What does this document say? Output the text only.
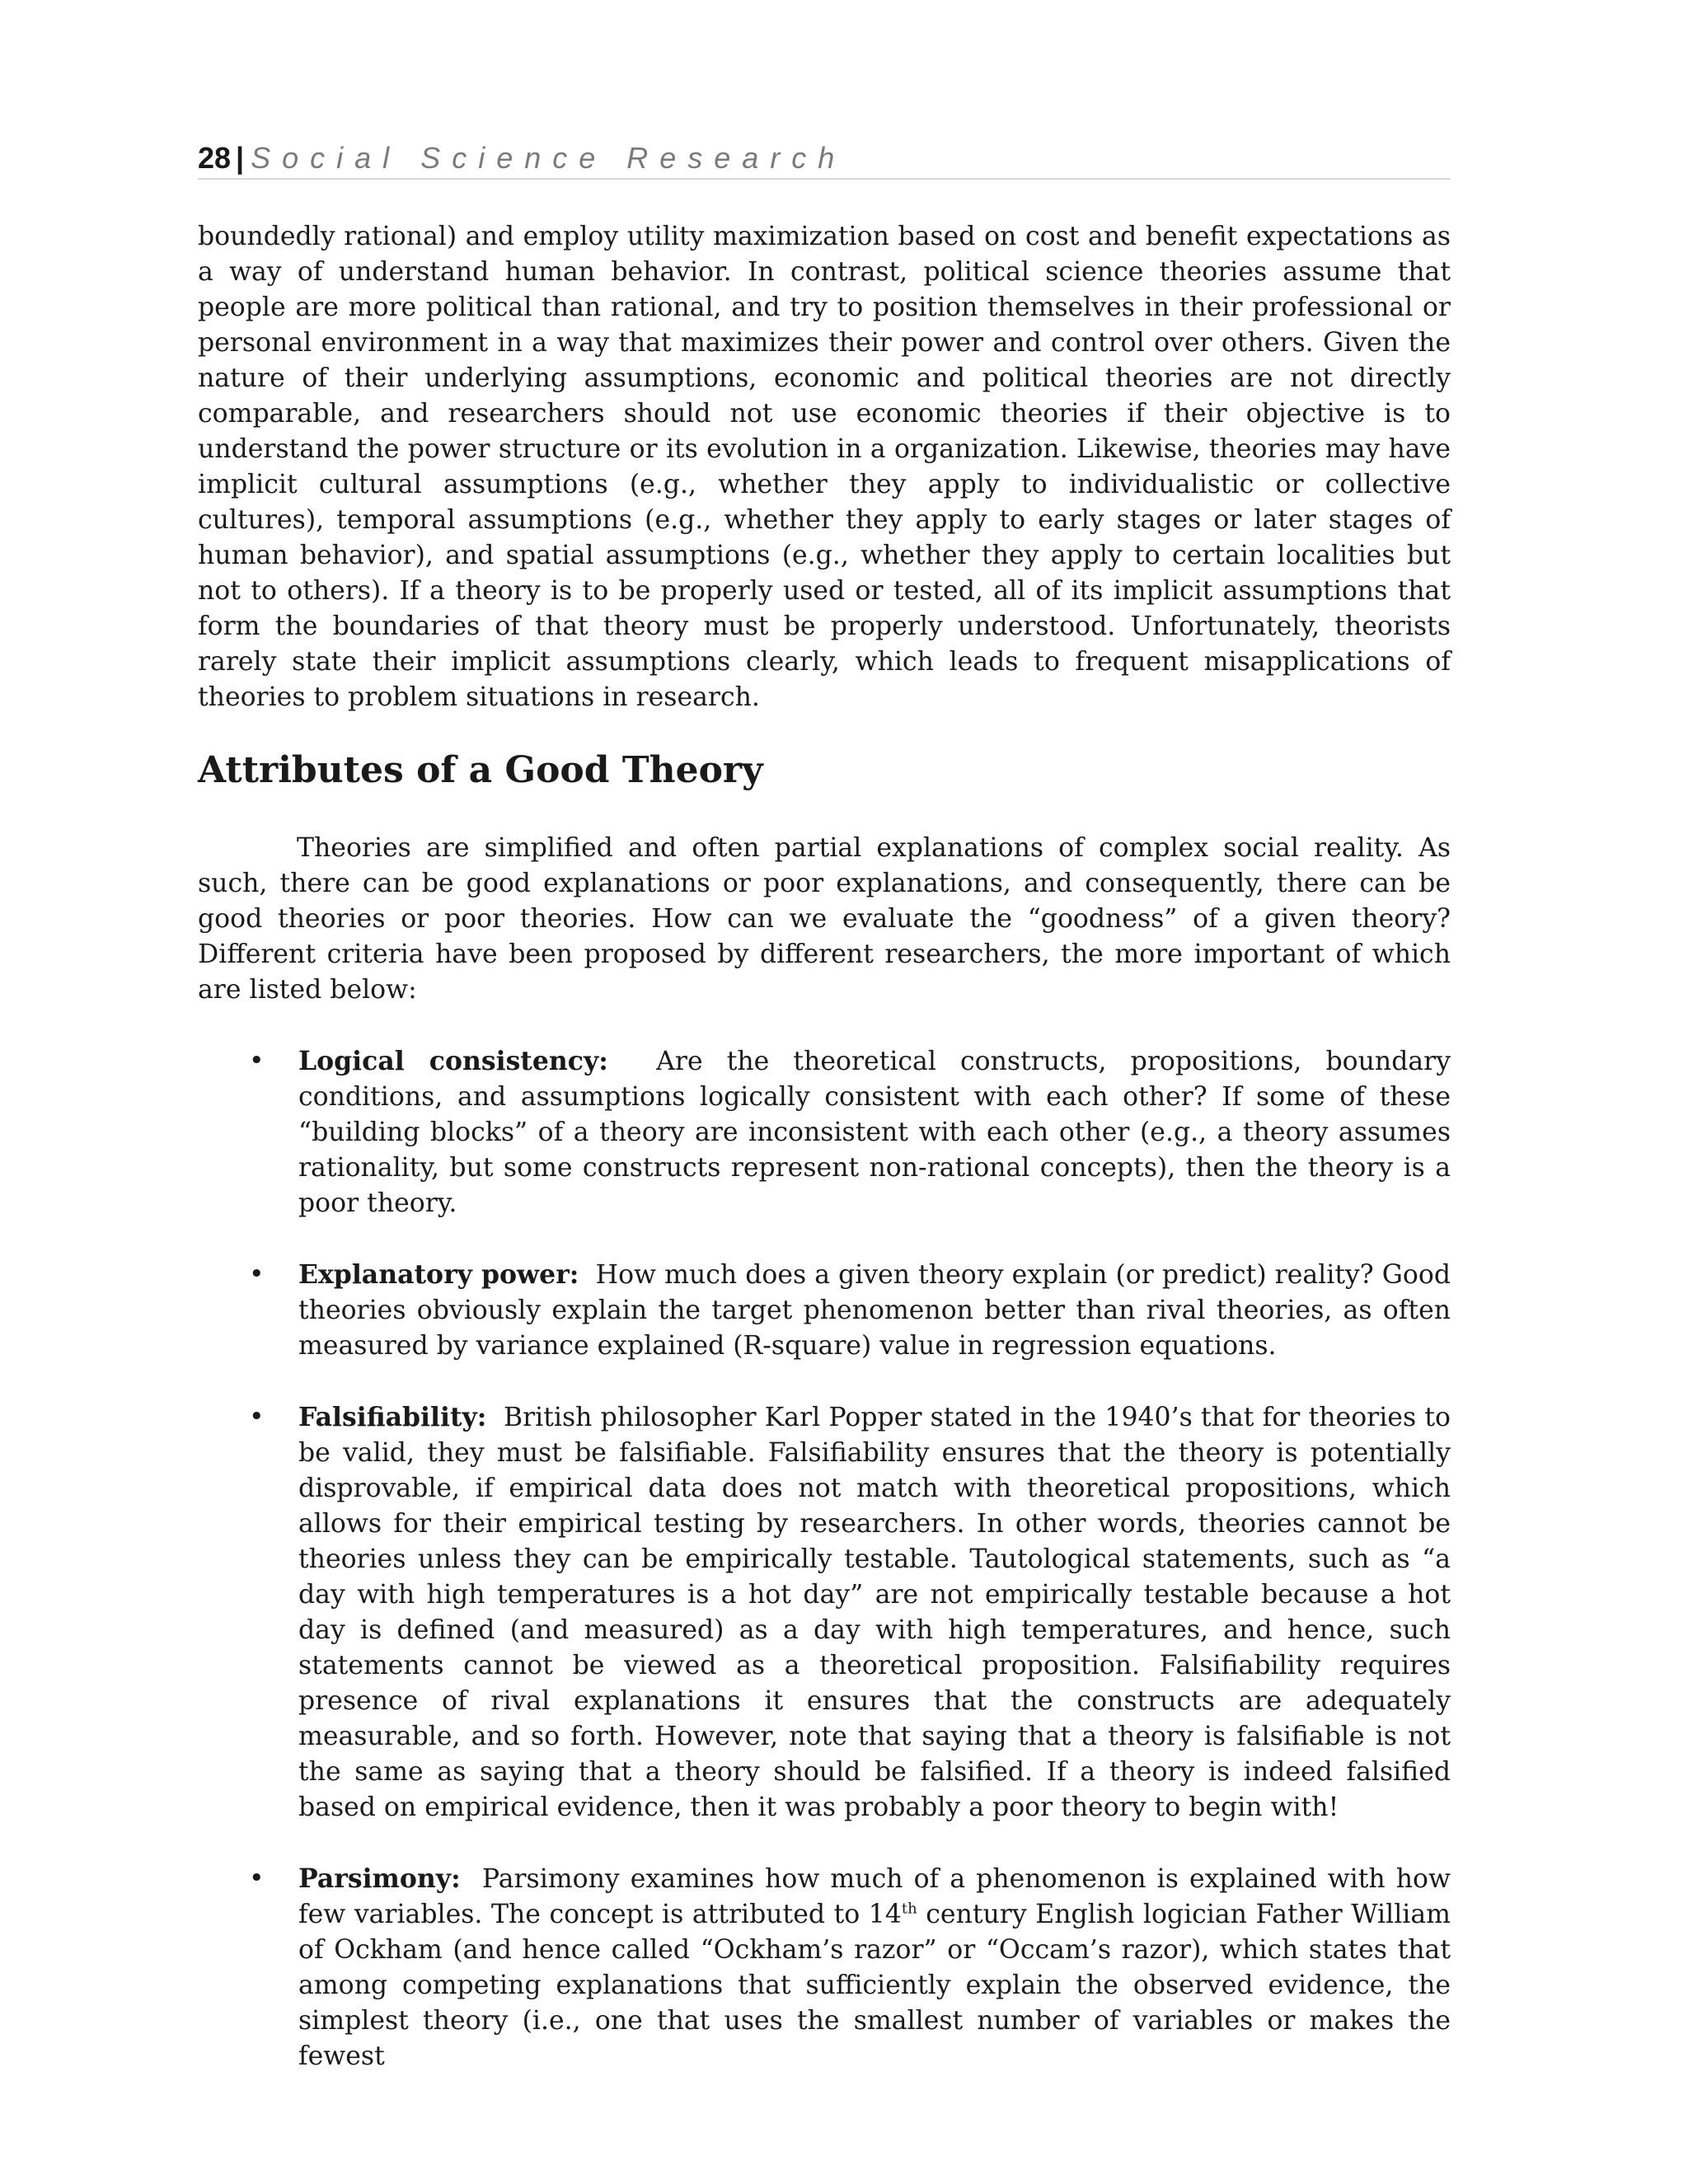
28 | Social Science Research

boundedly rational) and employ utility maximization based on cost and benefit expectations as a way of understand human behavior. In contrast, political science theories assume that people are more political than rational, and try to position themselves in their professional or personal environment in a way that maximizes their power and control over others. Given the nature of their underlying assumptions, economic and political theories are not directly comparable, and researchers should not use economic theories if their objective is to understand the power structure or its evolution in a organization. Likewise, theories may have implicit cultural assumptions (e.g., whether they apply to individualistic or collective cultures), temporal assumptions (e.g., whether they apply to early stages or later stages of human behavior), and spatial assumptions (e.g., whether they apply to certain localities but not to others). If a theory is to be properly used or tested, all of its implicit assumptions that form the boundaries of that theory must be properly understood. Unfortunately, theorists rarely state their implicit assumptions clearly, which leads to frequent misapplications of theories to problem situations in research.

Attributes of a Good Theory

Theories are simplified and often partial explanations of complex social reality. As such, there can be good explanations or poor explanations, and consequently, there can be good theories or poor theories. How can we evaluate the “goodness” of a given theory? Different criteria have been proposed by different researchers, the more important of which are listed below:

• Logical consistency: Are the theoretical constructs, propositions, boundary conditions, and assumptions logically consistent with each other? If some of these “building blocks” of a theory are inconsistent with each other (e.g., a theory assumes rationality, but some constructs represent non-rational concepts), then the theory is a poor theory.
• Explanatory power: How much does a given theory explain (or predict) reality? Good theories obviously explain the target phenomenon better than rival theories, as often measured by variance explained (R-square) value in regression equations.
• Falsifiability: British philosopher Karl Popper stated in the 1940’s that for theories to be valid, they must be falsifiable. Falsifiability ensures that the theory is potentially disprovable, if empirical data does not match with theoretical propositions, which allows for their empirical testing by researchers. In other words, theories cannot be theories unless they can be empirically testable. Tautological statements, such as “a day with high temperatures is a hot day” are not empirically testable because a hot day is defined (and measured) as a day with high temperatures, and hence, such statements cannot be viewed as a theoretical proposition. Falsifiability requires presence of rival explanations it ensures that the constructs are adequately measurable, and so forth. However, note that saying that a theory is falsifiable is not the same as saying that a theory should be falsified. If a theory is indeed falsified based on empirical evidence, then it was probably a poor theory to begin with!
• Parsimony: Parsimony examines how much of a phenomenon is explained with how few variables. The concept is attributed to 14th century English logician Father William of Ockham (and hence called “Ockham’s razor” or “Occam’s razor), which states that among competing explanations that sufficiently explain the observed evidence, the simplest theory (i.e., one that uses the smallest number of variables or makes the fewest
